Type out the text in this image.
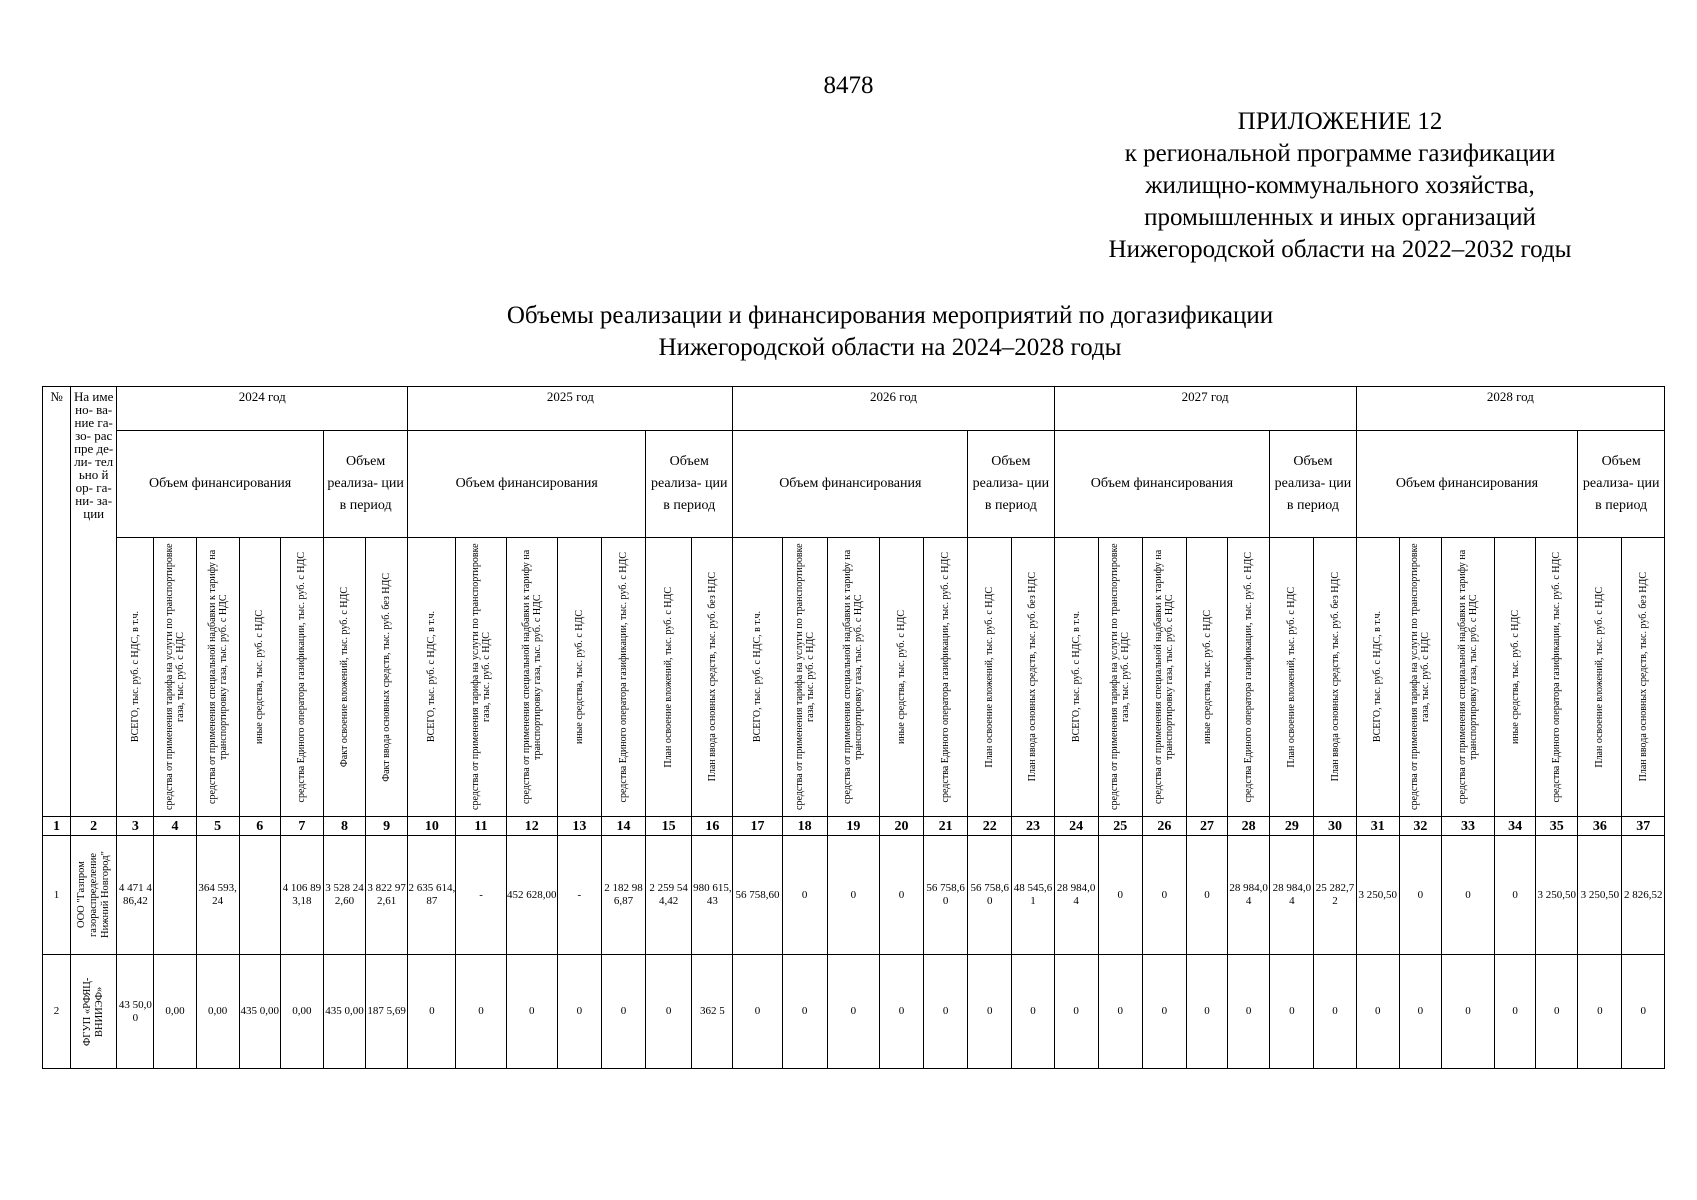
8478
ПРИЛОЖЕНИЕ 12
к региональной программе газификации
жилищно-коммунального хозяйства,
промышленных и иных организаций
Нижегородской области на 2022–2032 годы
Объемы реализации и финансирования мероприятий по догазификации
Нижегородской области на 2024–2028 годы
№	На име но- ва- ние га- зо- рас пре де- ли- тел ьно й ор- га- ни- за- ции	2024 год							2025 год							2026 год							2027 год							2028 год						
		Объем финансирования					Объем реализа- ции в период		Объем финансирования					Объем реализа- ции в период		Объем финансирования					Объем реализа- ции в период		Объем финансирования					Объем реализа- ции в период		Объем финансирования					Объем реализа- ции в период	

		ВСЕГО, тыс. руб. с НДС, в т.ч.	средства от применения тарифа на услуги по транспортировке газа, тыс. руб. с НДС	средства от применения специальной надбавки к тарифу на транспортировку газа, тыс. руб. с НДС	иные средства, тыс. руб. с НДС	средства Единого оператора газификации, тыс. руб. с НДС	Факт освоение вложений, тыс. руб. с НДС	Факт ввода основных средств, тыс. руб. без НДС	ВСЕГО, тыс. руб. с НДС, в т.ч.	средства от применения тарифа на услуги по транспортировке газа, тыс. руб. с НДС	средства от применения специальной надбавки к тарифу на транспортировку газа, тыс. руб. с НДС	иные средства, тыс. руб. с НДС	средства Единого оператора газификации, тыс. руб. с НДС	План освоение вложений, тыс. руб. с НДС	План ввода основных средств, тыс. руб. без НДС	ВСЕГО, тыс. руб. с НДС, в т.ч.	средства от применения тарифа на услуги по транспортировке газа, тыс. руб. с НДС	средства от применения специальной надбавки к тарифу на транспортировку газа, тыс. руб. с НДС	иные средства, тыс. руб. с НДС	средства Единого оператора газификации, тыс. руб. с НДС	План освоение вложений, тыс. руб. с НДС	План ввода основных средств, тыс. руб. без НДС	ВСЕГО, тыс. руб. с НДС, в т.ч.	средства от применения тарифа на услуги по транспортировке газа, тыс. руб. с НДС	средства от применения специальной надбавки к тарифу на транспортировку газа, тыс. руб. с НДС	иные средства, тыс. руб. с НДС	средства Единого оператора газификации, тыс. руб. с НДС	План освоение вложений, тыс. руб. с НДС	План ввода основных средств, тыс. руб. без НДС	ВСЕГО, тыс. руб. с НДС, в т.ч.	средства от применения тарифа на услуги по транспортировке газа, тыс. руб. с НДС	средства от применения специальной надбавки к тарифу на транспортировку газа, тыс. руб. с НДС	иные средства, тыс. руб. с НДС	средства Единого оператора газификации, тыс. руб. с НДС	План освоение вложений, тыс. руб. с НДС	План ввода основных средств, тыс. руб. без НДС

1	2	3	4	5	6	7	8	9	10	11	12	13	14	15	16	17	18	19	20	21	22	23	24	25	26	27	28	29	30	31	32	33	34	35	36	37
1	ООО "Газпром газораспределение Нижний Новгород"	4 471 486,42		364 593,24		4 106 893,18	3 528 242,60	3 822 972,61	2 635 614,87	-	452 628,00	-	2 182 986,87	2 259 544,42	980 615,43	56 758,60	0	0	0	56 758,60	56 758,60	48 545,61	28 984,04	0	0	0	28 984,04	28 984,04	25 282,72	3 250,50	0	0	0	3 250,50	3 250,50	2 826,52

2	ФГУП «РФЯЦ-ВНИИЭФ»	43 50,00	0,00	0,00	435 0,00	0,00	435 0,00	187 5,69	0	0	0	0	0	0	362 5	0	0	0	0	0	0	0	0	0	0	0	0	0	0	0	0	0	0	0	0	0
